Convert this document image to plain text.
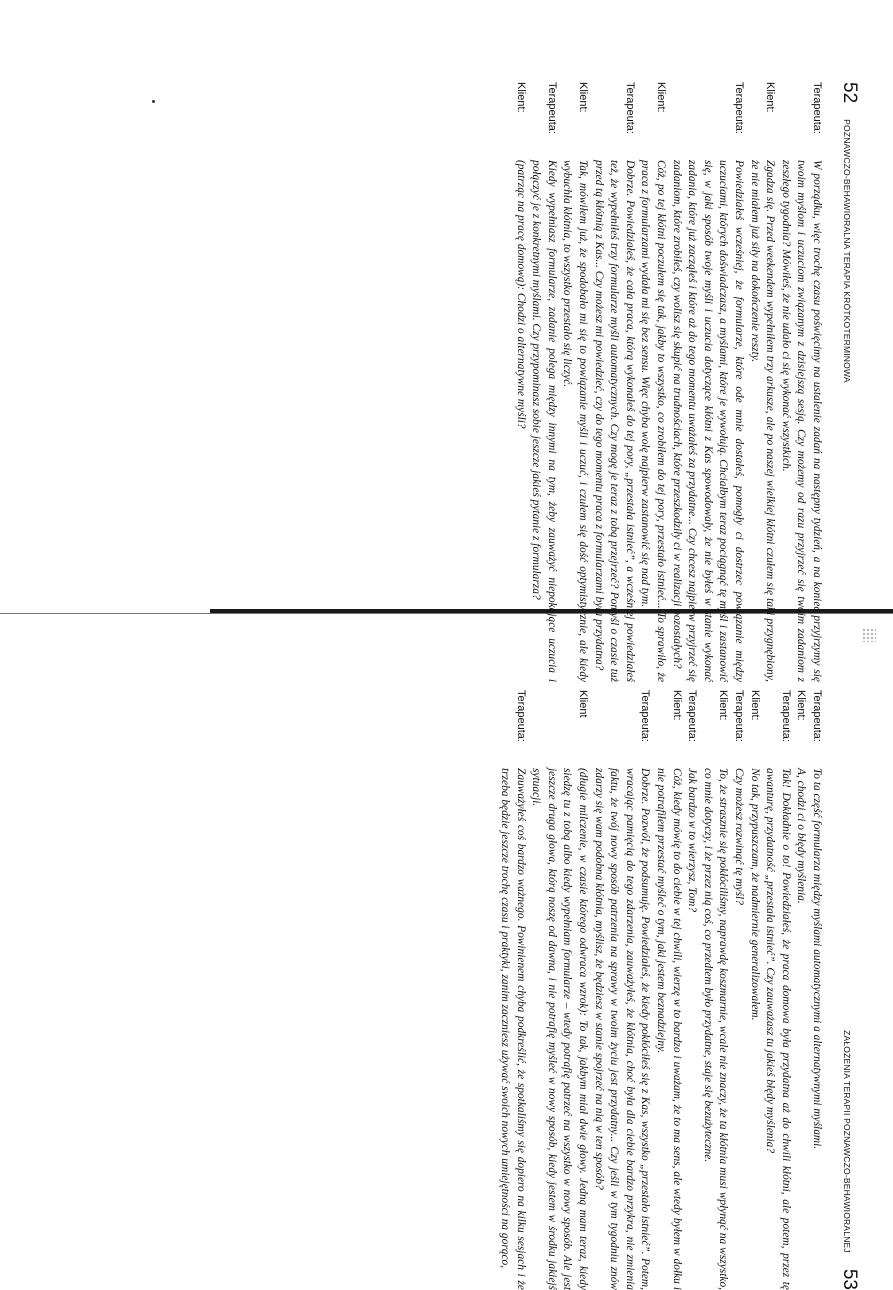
52
POZNAWCZO-BEHAWIORALNA TERAPIA KRÓTKOTERMINOWA
Terapeuta:
W porządku, więc trochę czasu poświęcimy na ustalenie zadań na następny tydzień, a na koniec przyjrzymy się twoim myślom i uczuciom związanym z dzisiejszą sesją. Czy możemy od razu przyjrzeć się twoim zadaniom z zeszłego tygodnia? Mówiłeś, że nie udało ci się wykonać wszystkich.
Klient:
Zgadza się. Przed weekendem wypełniłem trzy arkusze, ale po naszej wielkiej kłótni czułem się taki przygnębiony, że nie miałem już siły na dokończenie reszty.
Terapeuta:
Powiedziałeś wcześniej, że formularze, które ode mnie dostałeś, pomogły ci dostrzec powiązanie między uczuciami, których doświadczasz, a myślami, które je wywołują. Chciałbym teraz pociągnąć tę myśl i zastanowić się, w jaki sposób twoje myśli i uczucia dotyczące kłótni z Kas spowodowały, że nie byłeś w stanie wykonać zadania, które już zacząłeś i które aż do tego momentu uważałeś za przydatne... Czy chcesz najpierw przyjrzeć się zadaniom, które zrobiłeś, czy wolisz się skupić na trudnościach, które przeszkodziły ci w realizacji pozostałych?
Klient:
Cóż, po tej kłótni poczułem się tak, jakby to wszystko, co zrobiłem do tej pory, przestało istnieć... To sprawiło, że praca z formularzami wydała mi się bez sensu. Więc chyba wolę najpierw zastanowić się nad tym.
Terapeuta:
Dobrze. Powiedziałeś, że cała praca, którą wykonałeś do tej pory, „przestała istnieć”, a wcześniej powiedziałeś też, że wypełniłeś trzy formularze myśli automatycznych. Czy mogę je teraz z tobą przejrzeć? Pomyśl o czasie tuż przed tą kłótnią z Kas... Czy możesz mi powiedzieć, czy do tego momentu praca z formularzami była przydatna?
Klient:
Tak, mówiłem już, że spodobało mi się to powiązanie myśli i uczuć, i czułem się dość optymistycznie, ale kiedy wybuchła kłótnia, to wszystko przestało się liczyć.
Terapeuta:
Kiedy wypełniasz formularze, zadanie polega między innymi na tym, żeby zauważyć niepokojące uczucia i połączyć je z konkretnymi myślami. Czy przypominasz sobie jeszcze jakieś pytanie z formularza?
Klient:
(patrząc na pracę domową): Chodzi o alternatywne myśli?
ZAŁOŻENIA TERAPII POZNAWCZO-BEHAWIORALNEJ
53
Terapeuta:
To ta część formularza między myślami automatycznymi a alternatywnymi myślami.
Klient:
A, chodzi ci o błędy myślenia.
Terapeuta:
Tak! Dokładnie o to! Powiedziałeś, że praca domowa była przydatna aż do chwili kłótni, ale potem, przez tę awanturę, przydatność „przestała istnieć”. Czy zauważasz tu jakieś błędy myślenia?
Klient:
No tak, przypuszczam, że nadmiernie generalizowałem.
Terapeuta:
Czy możesz rozwinąć tę myśl?
Klient:
To, że strasznie się pokłóciliśmy, naprawdę koszmarnie, wcale nie znaczy, że ta kłótnia musi wpłynąć na wszystko, co mnie dotyczy, i że przez nią coś, co przedtem było przydatne, staje się bezużyteczne.
Terapeuta:
Jak bardzo w to wierzysz, Tom?
Klient:
Cóż, kiedy mówię to do ciebie w tej chwili, wierzę w to bardzo i uważam, że to ma sens, ale wtedy byłem w dołku i nie potrafiłem przestać myśleć o tym, jaki jestem beznadziejny.
Terapeuta:
Dobrze. Pozwól, że podsumuję. Powiedziałeś, że kiedy pokłóciłeś się z Kas, wszystko „przestało istnieć”. Potem, wracając pamięcią do tego zdarzenia, zauważyłeś, że kłótnia, choć była dla ciebie bardzo przykra, nie zmienia faktu, że twój nowy sposób patrzenia na sprawy w twoim życiu jest przydatny... Czy jeśli w tym tygodniu znów zdarzy się wam podobna kłótnia, myślisz, że będziesz w stanie spojrzeć na nią w ten sposób?
Klient
(długie milczenie, w czasie którego odwraca wzrok): To tak, jakbym miał dwie głowy. Jedną mam teraz, kiedy siedzę tu z tobą albo kiedy wypełniam formularze – wtedy potrafię patrzeć na wszystko w nowy sposób. Ale jest jeszcze druga głowa, którą noszę od dawna, i nie potrafię myśleć w nowy sposób, kiedy jestem w środku jakiejś sytuacji.
Terapeuta:
Zauważyłeś coś bardzo ważnego. Powinienem chyba podkreślić, że spotkaliśmy się dopiero na kilku sesjach i że trzeba będzie jeszcze trochę czasu i praktyki, zanim zaczniesz używać swoich nowych umiejętności na gorąco,
